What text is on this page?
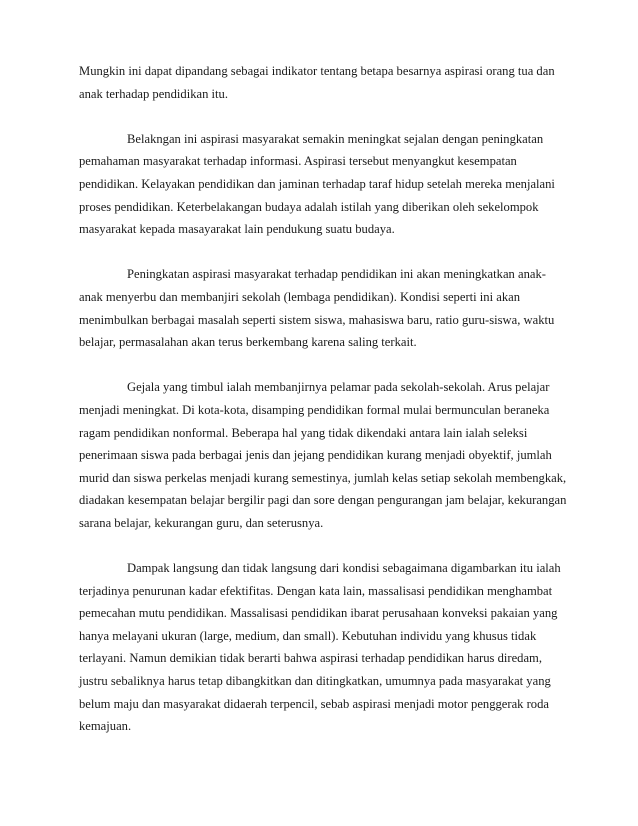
Mungkin ini dapat dipandang sebagai indikator tentang betapa besarnya aspirasi orang tua dan anak terhadap pendidikan itu.

Belakngan ini aspirasi masyarakat semakin meningkat sejalan dengan peningkatan pemahaman masyarakat terhadap informasi. Aspirasi tersebut menyangkut kesempatan pendidikan. Kelayakan pendidikan dan jaminan terhadap taraf hidup setelah mereka menjalani proses pendidikan. Keterbelakangan budaya adalah istilah yang diberikan oleh sekelompok masyarakat kepada masayarakat lain pendukung suatu budaya.

Peningkatan aspirasi masyarakat terhadap pendidikan ini akan meningkatkan anak-anak menyerbu dan membanjiri sekolah (lembaga pendidikan). Kondisi seperti ini akan menimbulkan berbagai masalah seperti sistem siswa, mahasiswa baru, ratio guru-siswa, waktu belajar, permasalahan akan terus berkembang karena saling terkait.

Gejala yang timbul ialah membanjirnya pelamar pada sekolah-sekolah. Arus pelajar menjadi meningkat. Di kota-kota, disamping pendidikan formal mulai bermunculan beraneka ragam pendidikan nonformal. Beberapa hal yang tidak dikendaki antara lain ialah seleksi penerimaan siswa pada berbagai jenis dan jejang pendidikan kurang menjadi obyektif, jumlah murid dan siswa perkelas menjadi kurang semestinya, jumlah kelas setiap sekolah membengkak, diadakan kesempatan belajar bergilir pagi dan sore dengan pengurangan jam belajar, kekurangan sarana belajar, kekurangan guru, dan seterusnya.

Dampak langsung dan tidak langsung dari kondisi sebagaimana digambarkan itu ialah terjadinya penurunan kadar efektifitas. Dengan kata lain, massalisasi pendidikan menghambat pemecahan mutu pendidikan. Massalisasi pendidikan ibarat perusahaan konveksi pakaian yang hanya melayani ukuran (large, medium, dan small). Kebutuhan individu yang khusus tidak terlayani. Namun demikian tidak berarti bahwa aspirasi terhadap pendidikan harus diredam, justru sebaliknya harus tetap dibangkitkan dan ditingkatkan, umumnya pada masyarakat yang belum maju dan masyarakat didaerah terpencil, sebab aspirasi menjadi motor penggerak roda kemajuan.
